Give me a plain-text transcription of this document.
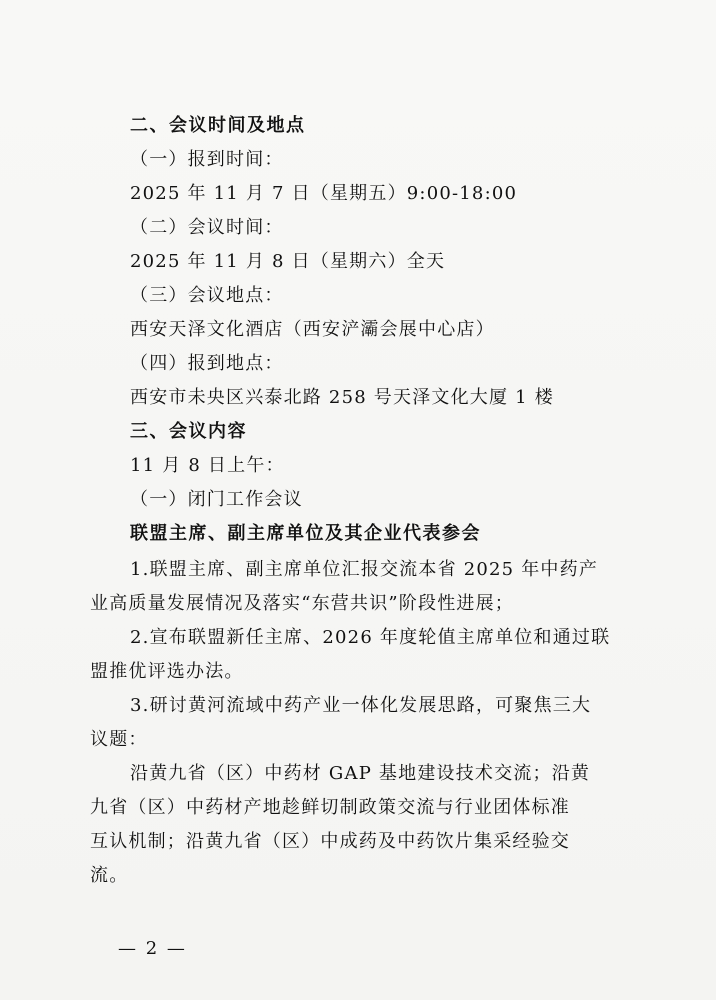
二、会议时间及地点
（一）报到时间：
2025 年 11 月 7 日（星期五）9:00-18:00
（二）会议时间：
2025 年 11 月 8 日（星期六）全天
（三）会议地点：
西安天泽文化酒店（西安浐灞会展中心店）
（四）报到地点：
西安市未央区兴泰北路 258 号天泽文化大厦 1 楼
三、会议内容
11 月 8 日上午：
（一）闭门工作会议
联盟主席、副主席单位及其企业代表参会
1.联盟主席、副主席单位汇报交流本省 2025 年中药产
业高质量发展情况及落实“东营共识”阶段性进展；
2.宣布联盟新任主席、2026 年度轮值主席单位和通过联
盟推优评选办法。
3.研讨黄河流域中药产业一体化发展思路，可聚焦三大
议题：
沿黄九省（区）中药材 GAP 基地建设技术交流；沿黄
九省（区）中药材产地趁鲜切制政策交流与行业团体标准
互认机制；沿黄九省（区）中成药及中药饮片集采经验交
流。
— 2 —
